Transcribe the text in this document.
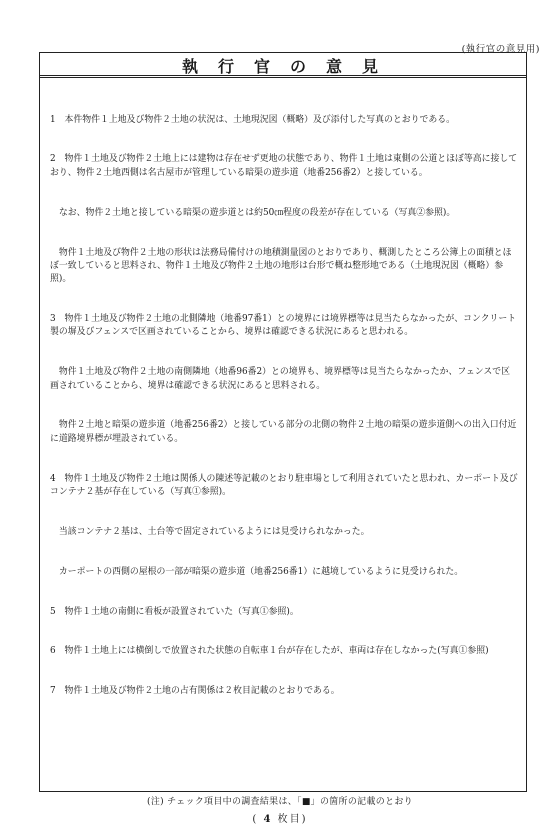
(執行官の意見用)
執 行 官 の 意 見

1　本件物件１上地及び物件２土地の状況は、土地現況図（概略）及び添付した写真のとおりである。

2　物件１土地及び物件２土地上には建物は存在せず更地の状態であり、物件１土地は東側の公道とほぼ等高に接しており、物件２土地西側は名古屋市が管理している暗渠の遊歩道（地番256番2）と接している。

　なお、物件２土地と接している暗渠の遊歩道とは約50㎝程度の段差が存在している（写真②参照)。

　物件１土地及び物件２土地の形状は法務局備付けの地積測量図のとおりであり、概測したところ公簿上の面積とほぼ一致していると思料され、物件１土地及び物件２土地の地形は台形で概ね整形地である（土地現況図（概略）参照)。

3　物件１土地及び物件２土地の北側隣地（地番97番1）との境界には境界標等は見当たらなかったが、コンクリート製の塀及びフェンスで区画されていることから、境界は確認できる状況にあると思われる。

　物件１土地及び物件２土地の南側隣地（地番96番2）との境界も、境界標等は見当たらなかったか、フェンスで区画されていることから、境界は確認できる状況にあると思料される。

　物件２土地と暗渠の遊歩道（地番256番2）と接している部分の北側の物件２土地の暗渠の遊歩道側への出入口付近に道路境界標が埋設されている。

4　物件１土地及び物件２土地は関係人の陳述等記載のとおり駐車場として利用されていたと思われ、カーポート及びコンテナ２基が存在している（写真①参照)。

　当該コンテナ２基は、土台等で固定されているようには見受けられなかった。

　カーポートの西側の屋根の一部が暗渠の遊歩道（地番256番1）に越境しているように見受けられた。

5　物件１土地の南側に看板が設置されていた（写真①参照)。

6　物件１土地上には横倒しで放置された状態の自転車１台が存在したが、車両は存在しなかった(写真①参照)

7　物件１土地及び物件２土地の占有関係は２枚目記載のとおりである。

(注) チェック項目中の調査結果は、「■」の箇所の記載のとおり
( 4 枚目)
